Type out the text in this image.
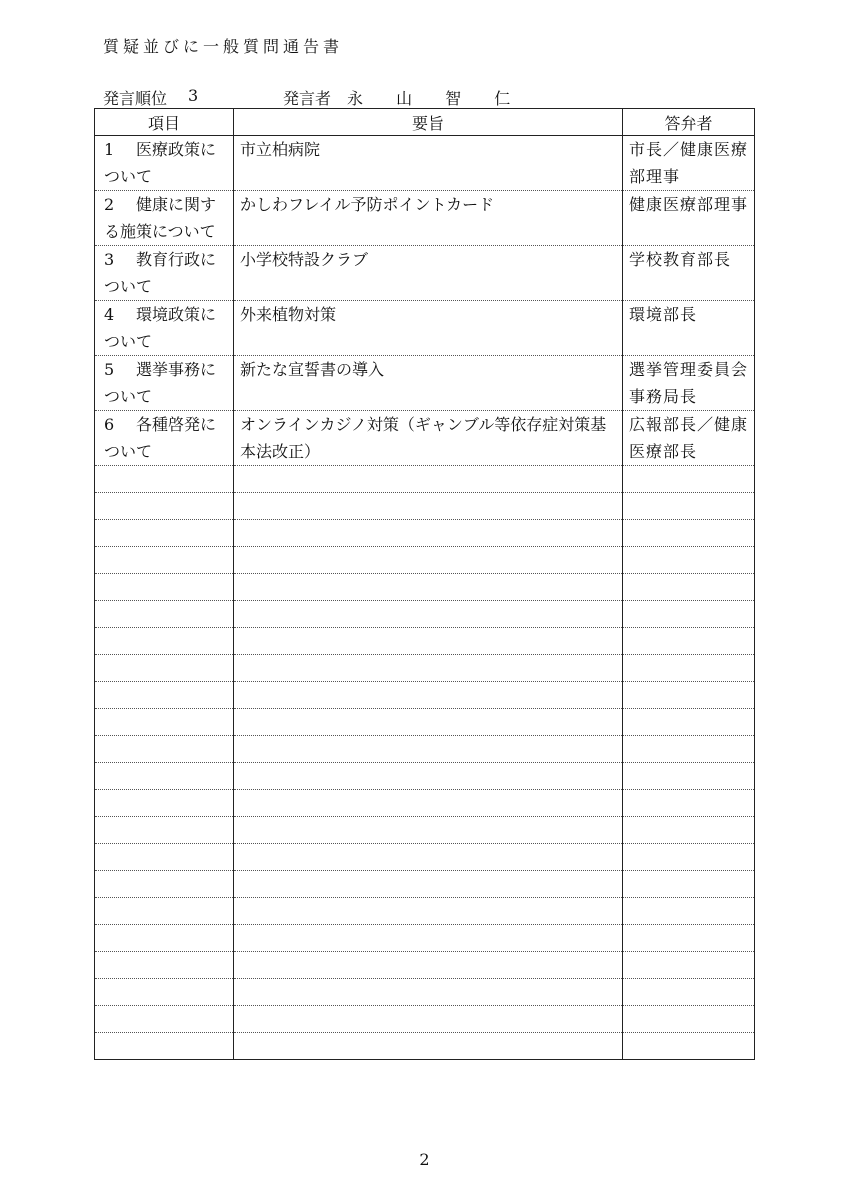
質疑並びに一般質問通告書
発言順位 3	発言者 永 山 智 仁
項目	要旨	答弁者
1 医療政策について	市立柏病院	市長／健康医療部理事
2 健康に関する施策について	かしわフレイル予防ポイントカード	健康医療部理事
3 教育行政について	小学校特設クラブ	学校教育部長
4 環境政策について	外来植物対策	環境部長
5 選挙事務について	新たな宣誓書の導入	選挙管理委員会事務局長
6 各種啓発について	オンラインカジノ対策（ギャンブル等依存症対策基本法改正）	広報部長／健康医療部長

2
